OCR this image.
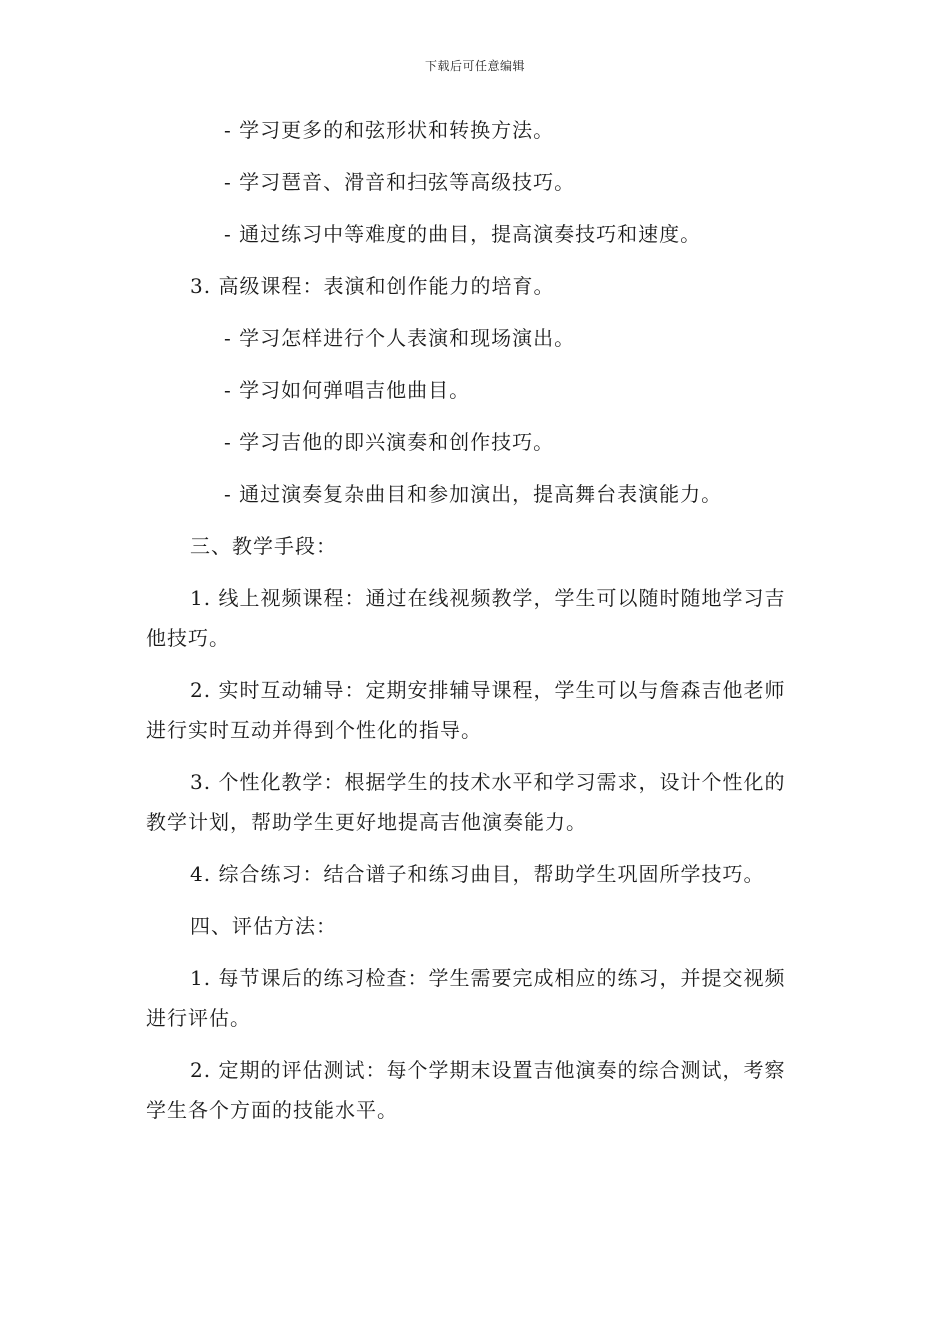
下载后可任意编辑

- 学习更多的和弦形状和转换方法。

- 学习琶音、滑音和扫弦等高级技巧。

- 通过练习中等难度的曲目，提高演奏技巧和速度。

3. 高级课程：表演和创作能力的培育。

- 学习怎样进行个人表演和现场演出。

- 学习如何弹唱吉他曲目。

- 学习吉他的即兴演奏和创作技巧。

- 通过演奏复杂曲目和参加演出，提高舞台表演能力。

三、教学手段：

1. 线上视频课程：通过在线视频教学，学生可以随时随地学习吉他技巧。

2. 实时互动辅导：定期安排辅导课程，学生可以与詹森吉他老师进行实时互动并得到个性化的指导。

3. 个性化教学：根据学生的技术水平和学习需求，设计个性化的教学计划，帮助学生更好地提高吉他演奏能力。

4. 综合练习：结合谱子和练习曲目，帮助学生巩固所学技巧。

四、评估方法：

1. 每节课后的练习检查：学生需要完成相应的练习，并提交视频进行评估。

2. 定期的评估测试：每个学期末设置吉他演奏的综合测试，考察学生各个方面的技能水平。
